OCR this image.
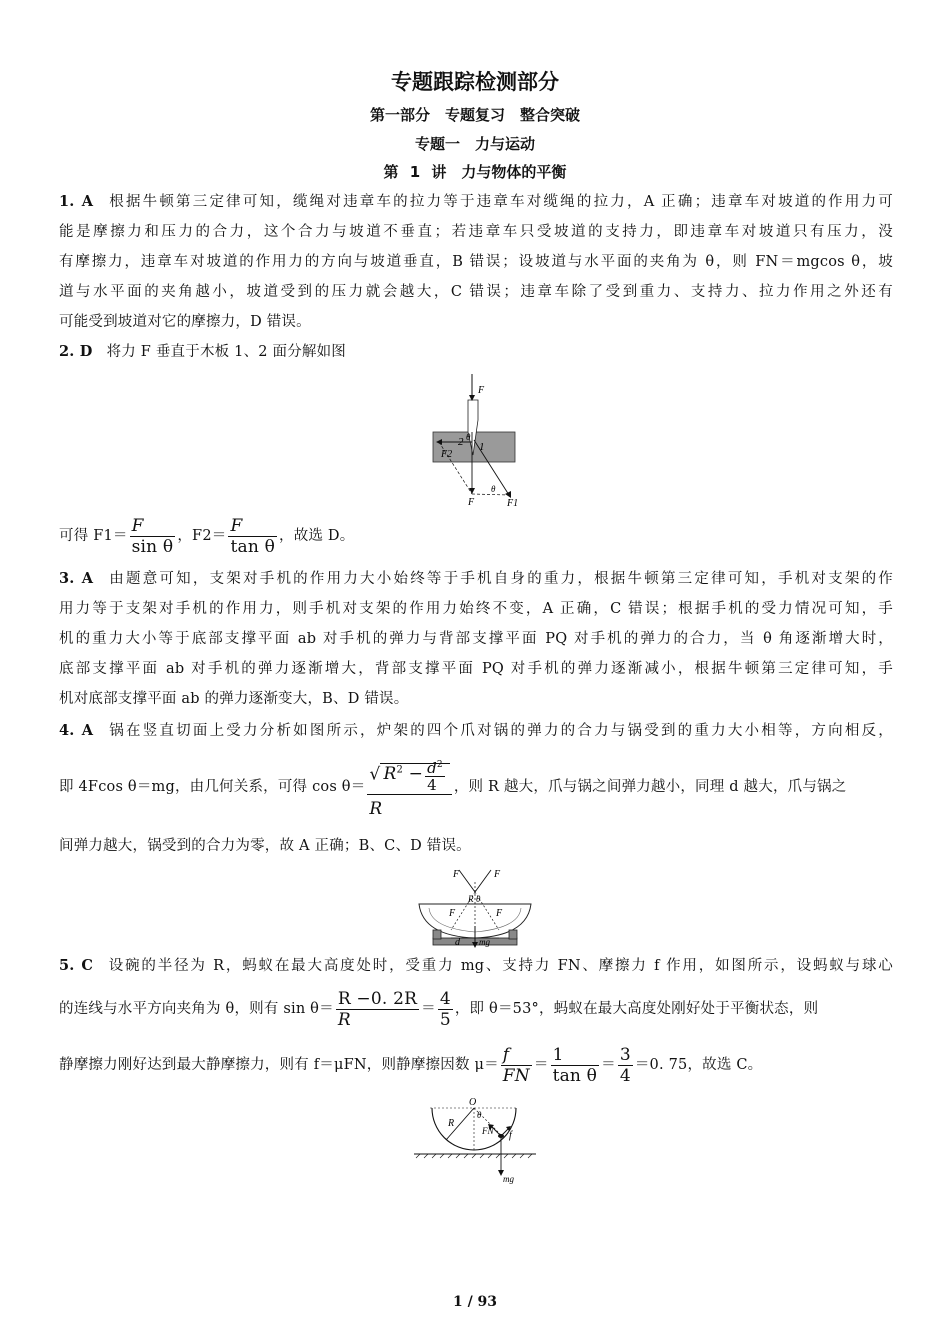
专题跟踪检测部分
第一部分　专题复习　整合突破
专题一　力与运动
第 1 讲　力与物体的平衡
1. A 根据牛顿第三定律可知，缆绳对违章车的拉力等于违章车对缆绳的拉力，A 正确；违章车对坡道的作用力可
能是摩擦力和压力的合力，这个合力与坡道不垂直；若违章车只受坡道的支持力，即违章车对坡道只有压力，没
有摩擦力，违章车对坡道的作用力的方向与坡道垂直，B 错误；设坡道与水平面的夹角为 θ，则 FN＝mgcos θ，坡
道与水平面的夹角越小，坡道受到的压力就会越大，C 错误；违章车除了受到重力、支持力、拉力作用之外还有
可能受到坡道对它的摩擦力，D 错误。
2. D 将力 F 垂直于木板 1、2 面分解如图
F
2 1
θ
F2
θ
F	F1
可得 $F1= \frac{F}{\text{sin θ}}$ ，$F2= \frac{F}{\text{tan θ}}$ ，故选 D。
3. A 由题意可知，支架对手机的作用力大小始终等于手机自身的重力，根据牛顿第三定律可知，手机对支架的作
用力等于支架对手机的作用力，则手机对支架的作用力始终不变，A 正确，C 错误；根据手机的受力情况可知，手
机的重力大小等于底部支撑平面 ab 对手机的弹力与背部支撑平面 PQ 对手机的弹力的合力，当 θ 角逐渐增大时，
底部支撑平面 ab 对手机的弹力逐渐增大，背部支撑平面 PQ 对手机的弹力逐渐减小，根据牛顿第三定律可知，手
机对底部支撑平面 ab 的弹力逐渐变大，B、D 错误。
4. A 锅在竖直切面上受力分析如图所示，炉架的四个爪对锅的弹力的合力与锅受到的重力大小相等，方向相反，
即 4Fcos θ＝mg，由几何关系，可得 $\cos \theta= \frac{√ R^2 - \frac{d^2}{4}}{R}$ ，则 R 越大，爪与锅之间弹力越小，同理 d 越大，爪与锅之
间弹力越大，锅受到的合力为零，故 A 正确；B、C、D 错误。
F	F
R θ
F	F
d mg
5. C 设碗的半径为 R，蚂蚁在最大高度处时，受重力 mg、支持力 FN、摩擦力 f 作用，如图所示，设蚂蚁与球心
的连线与水平方向夹角为 θ，则有 $\sin \theta= \frac{R -0. 2R}{R} = \frac{4}{5}$ ，即 θ＝53°，蚂蚁在最大高度处刚好处于平衡状态，则
静摩擦力刚好达到最大静摩擦力，则有 f＝μFN，则静摩擦因数 $\mu= \frac{f}{FN} = \frac{1}{\text{tan θ}} = \frac{3}{4} =0$. 75，故选 C。
O
θ
R
FN f
mg
1 / 93
